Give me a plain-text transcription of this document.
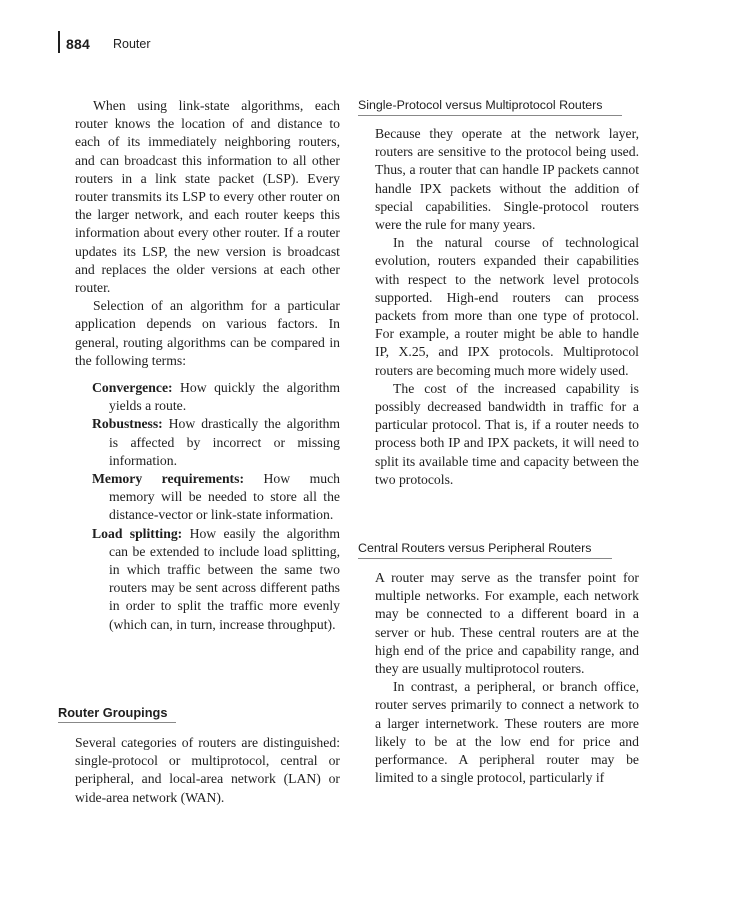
884 Router

When using link-state algorithms, each router knows the location of and distance to each of its immediately neighboring routers, and can broadcast this information to all other routers in a link state packet (LSP). Every router transmits its LSP to every other router on the larger network, and each router keeps this information about every other router. If a router updates its LSP, the new version is broadcast and replaces the older versions at each other router.

Selection of an algorithm for a particular application depends on various factors. In general, routing algorithms can be compared in the following terms:

Convergence: How quickly the algorithm yields a route.

Robustness: How drastically the algorithm is affected by incorrect or missing information.

Memory requirements: How much memory will be needed to store all the distance-vector or link-state information.

Load splitting: How easily the algorithm can be extended to include load splitting, in which traffic between the same two routers may be sent across different paths in order to split the traffic more evenly (which can, in turn, increase throughput).

Router Groupings

Several categories of routers are distinguished: single-protocol or multiprotocol, central or peripheral, and local-area network (LAN) or wide-area network (WAN).

Single-Protocol versus Multiprotocol Routers

Because they operate at the network layer, routers are sensitive to the protocol being used. Thus, a router that can handle IP packets cannot handle IPX packets without the addition of special capabilities. Single-protocol routers were the rule for many years.

In the natural course of technological evolution, routers expanded their capabilities with respect to the network level protocols supported. High-end routers can process packets from more than one type of protocol. For example, a router might be able to handle IP, X.25, and IPX protocols. Multiprotocol routers are becoming much more widely used.

The cost of the increased capability is possibly decreased bandwidth in traffic for a particular protocol. That is, if a router needs to process both IP and IPX packets, it will need to split its available time and capacity between the two protocols.

Central Routers versus Peripheral Routers

A router may serve as the transfer point for multiple networks. For example, each network may be connected to a different board in a server or hub. These central routers are at the high end of the price and capability range, and they are usually multiprotocol routers.

In contrast, a peripheral, or branch office, router serves primarily to connect a network to a larger internetwork. These routers are more likely to be at the low end for price and performance. A peripheral router may be limited to a single protocol, particularly if
